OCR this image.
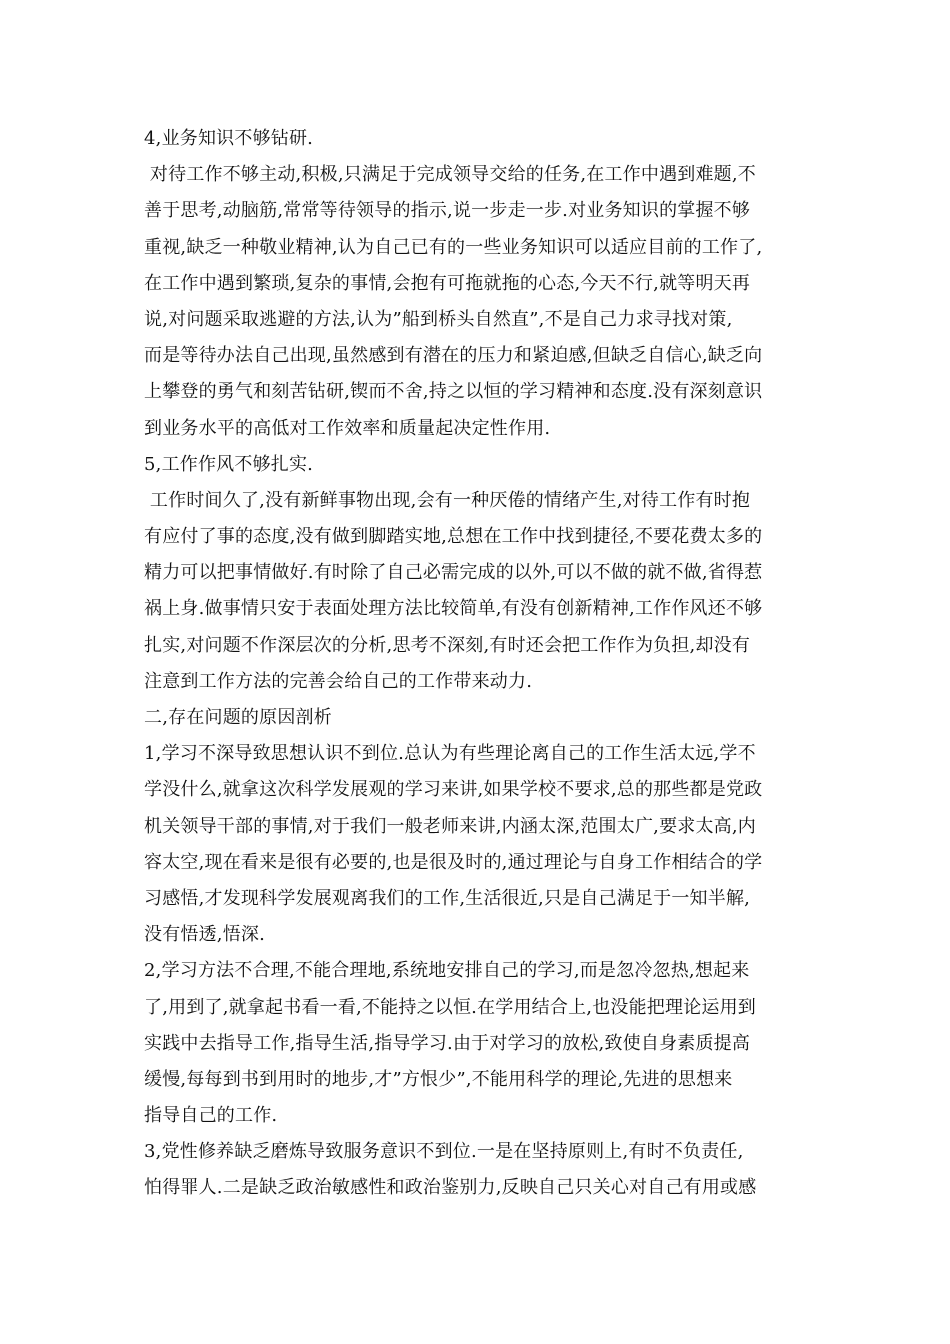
4,业务知识不够钻研.
对待工作不够主动,积极,只满足于完成领导交给的任务,在工作中遇到难题,不
善于思考,动脑筋,常常等待领导的指示,说一步走一步.对业务知识的掌握不够
重视,缺乏一种敬业精神,认为自己已有的一些业务知识可以适应目前的工作了,
在工作中遇到繁琐,复杂的事情,会抱有可拖就拖的心态,今天不行,就等明天再
说,对问题采取逃避的方法,认为”船到桥头自然直”,不是自己力求寻找对策,
而是等待办法自己出现,虽然感到有潜在的压力和紧迫感,但缺乏自信心,缺乏向
上攀登的勇气和刻苦钻研,锲而不舍,持之以恒的学习精神和态度.没有深刻意识
到业务水平的高低对工作效率和质量起决定性作用.
5,工作作风不够扎实.
工作时间久了,没有新鲜事物出现,会有一种厌倦的情绪产生,对待工作有时抱
有应付了事的态度,没有做到脚踏实地,总想在工作中找到捷径,不要花费太多的
精力可以把事情做好.有时除了自己必需完成的以外,可以不做的就不做,省得惹
祸上身.做事情只安于表面处理方法比较简单,有没有创新精神,工作作风还不够
扎实,对问题不作深层次的分析,思考不深刻,有时还会把工作作为负担,却没有
注意到工作方法的完善会给自己的工作带来动力.
二,存在问题的原因剖析
1,学习不深导致思想认识不到位.总认为有些理论离自己的工作生活太远,学不
学没什么,就拿这次科学发展观的学习来讲,如果学校不要求,总的那些都是党政
机关领导干部的事情,对于我们一般老师来讲,内涵太深,范围太广,要求太高,内
容太空,现在看来是很有必要的,也是很及时的,通过理论与自身工作相结合的学
习感悟,才发现科学发展观离我们的工作,生活很近,只是自己满足于一知半解,
没有悟透,悟深.
2,学习方法不合理,不能合理地,系统地安排自己的学习,而是忽冷忽热,想起来
了,用到了,就拿起书看一看,不能持之以恒.在学用结合上,也没能把理论运用到
实践中去指导工作,指导生活,指导学习.由于对学习的放松,致使自身素质提高
缓慢,每每到书到用时的地步,才”方恨少”,不能用科学的理论,先进的思想来
指导自己的工作.
3,党性修养缺乏磨炼导致服务意识不到位.一是在坚持原则上,有时不负责任,
怕得罪人.二是缺乏政治敏感性和政治鉴别力,反映自己只关心对自己有用或感
